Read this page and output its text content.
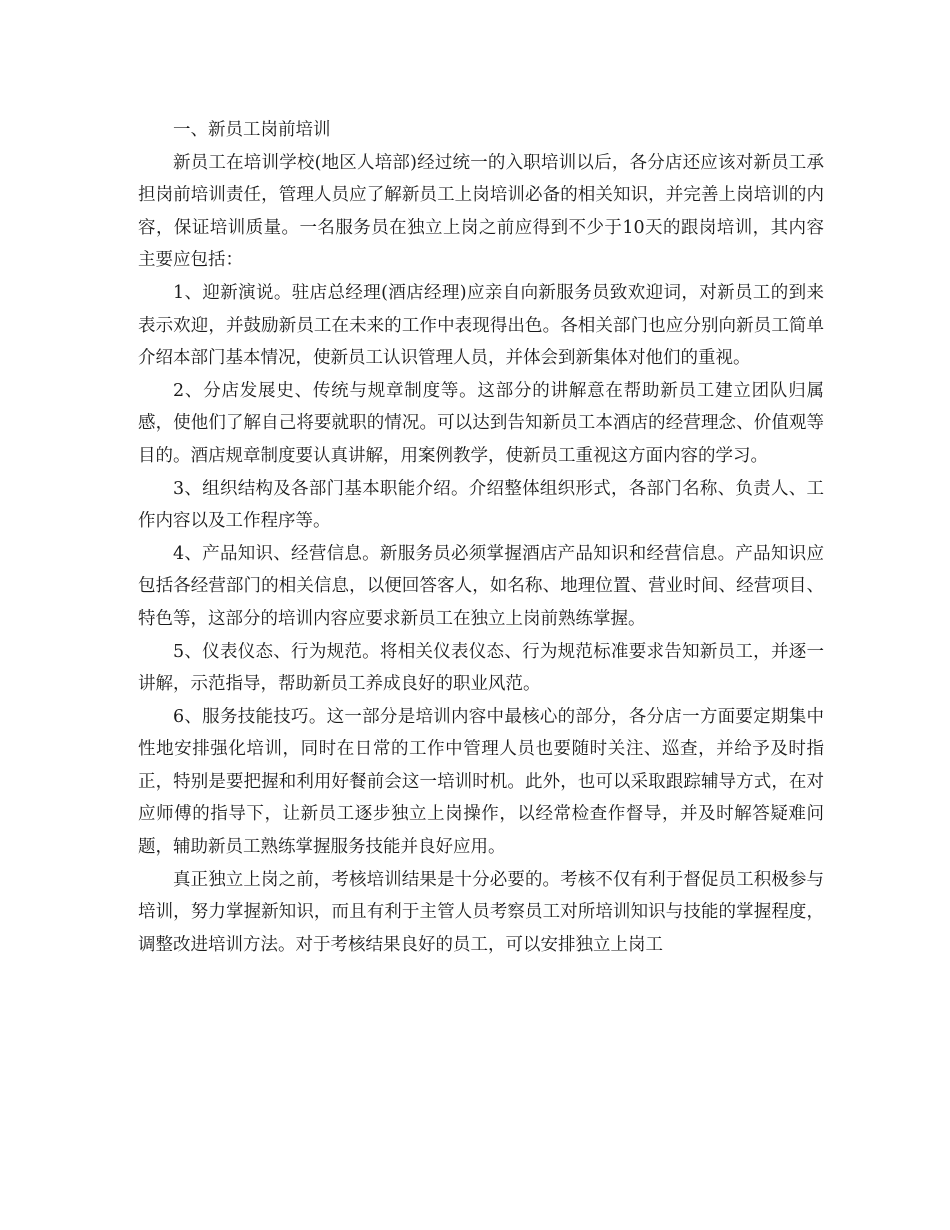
一、新员工岗前培训

新员工在培训学校(地区人培部)经过统一的入职培训以后，各分店还应该对新员工承担岗前培训责任，管理人员应了解新员工上岗培训必备的相关知识，并完善上岗培训的内容，保证培训质量。一名服务员在独立上岗之前应得到不少于10天的跟岗培训，其内容主要应包括：

1、迎新演说。驻店总经理(酒店经理)应亲自向新服务员致欢迎词，对新员工的到来表示欢迎，并鼓励新员工在未来的工作中表现得出色。各相关部门也应分别向新员工简单介绍本部门基本情况，使新员工认识管理人员，并体会到新集体对他们的重视。

2、分店发展史、传统与规章制度等。这部分的讲解意在帮助新员工建立团队归属感，使他们了解自己将要就职的情况。可以达到告知新员工本酒店的经营理念、价值观等目的。酒店规章制度要认真讲解，用案例教学，使新员工重视这方面内容的学习。

3、组织结构及各部门基本职能介绍。介绍整体组织形式，各部门名称、负责人、工作内容以及工作程序等。

4、产品知识、经营信息。新服务员必须掌握酒店产品知识和经营信息。产品知识应包括各经营部门的相关信息，以便回答客人，如名称、地理位置、营业时间、经营项目、特色等，这部分的培训内容应要求新员工在独立上岗前熟练掌握。

5、仪表仪态、行为规范。将相关仪表仪态、行为规范标准要求告知新员工，并逐一讲解，示范指导，帮助新员工养成良好的职业风范。

6、服务技能技巧。这一部分是培训内容中最核心的部分，各分店一方面要定期集中性地安排强化培训，同时在日常的工作中管理人员也要随时关注、巡查，并给予及时指正，特别是要把握和利用好餐前会这一培训时机。此外，也可以采取跟踪辅导方式，在对应师傅的指导下，让新员工逐步独立上岗操作，以经常检查作督导，并及时解答疑难问题，辅助新员工熟练掌握服务技能并良好应用。

真正独立上岗之前，考核培训结果是十分必要的。考核不仅有利于督促员工积极参与培训，努力掌握新知识，而且有利于主管人员考察员工对所培训知识与技能的掌握程度，调整改进培训方法。对于考核结果良好的员工，可以安排独立上岗工
